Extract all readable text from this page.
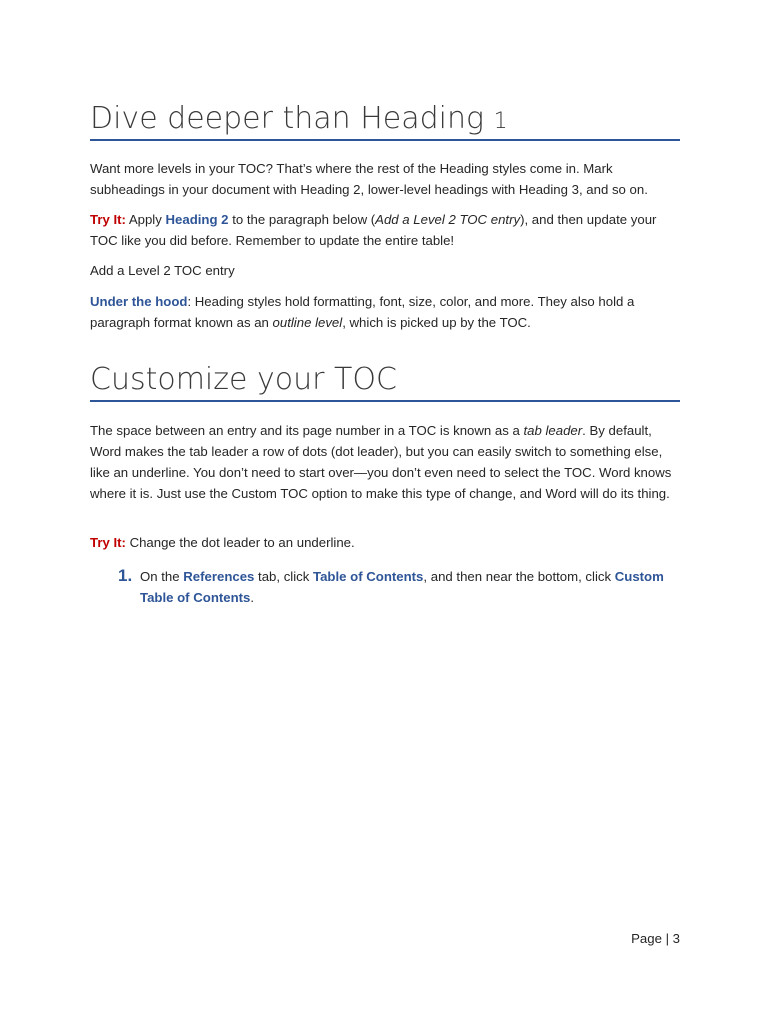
Dive deeper than Heading 1
Want more levels in your TOC? That’s where the rest of the Heading styles come in. Mark subheadings in your document with Heading 2, lower-level headings with Heading 3, and so on.
Try It: Apply Heading 2 to the paragraph below (Add a Level 2 TOC entry), and then update your TOC like you did before. Remember to update the entire table!
Add a Level 2 TOC entry
Under the hood: Heading styles hold formatting, font, size, color, and more. They also hold a paragraph format known as an outline level, which is picked up by the TOC.
Customize your TOC
The space between an entry and its page number in a TOC is known as a tab leader. By default, Word makes the tab leader a row of dots (dot leader), but you can easily switch to something else, like an underline. You don’t need to start over—you don’t even need to select the TOC. Word knows where it is. Just use the Custom TOC option to make this type of change, and Word will do its thing.
Try It: Change the dot leader to an underline.
1. On the References tab, click Table of Contents, and then near the bottom, click Custom Table of Contents.
Page | 3
